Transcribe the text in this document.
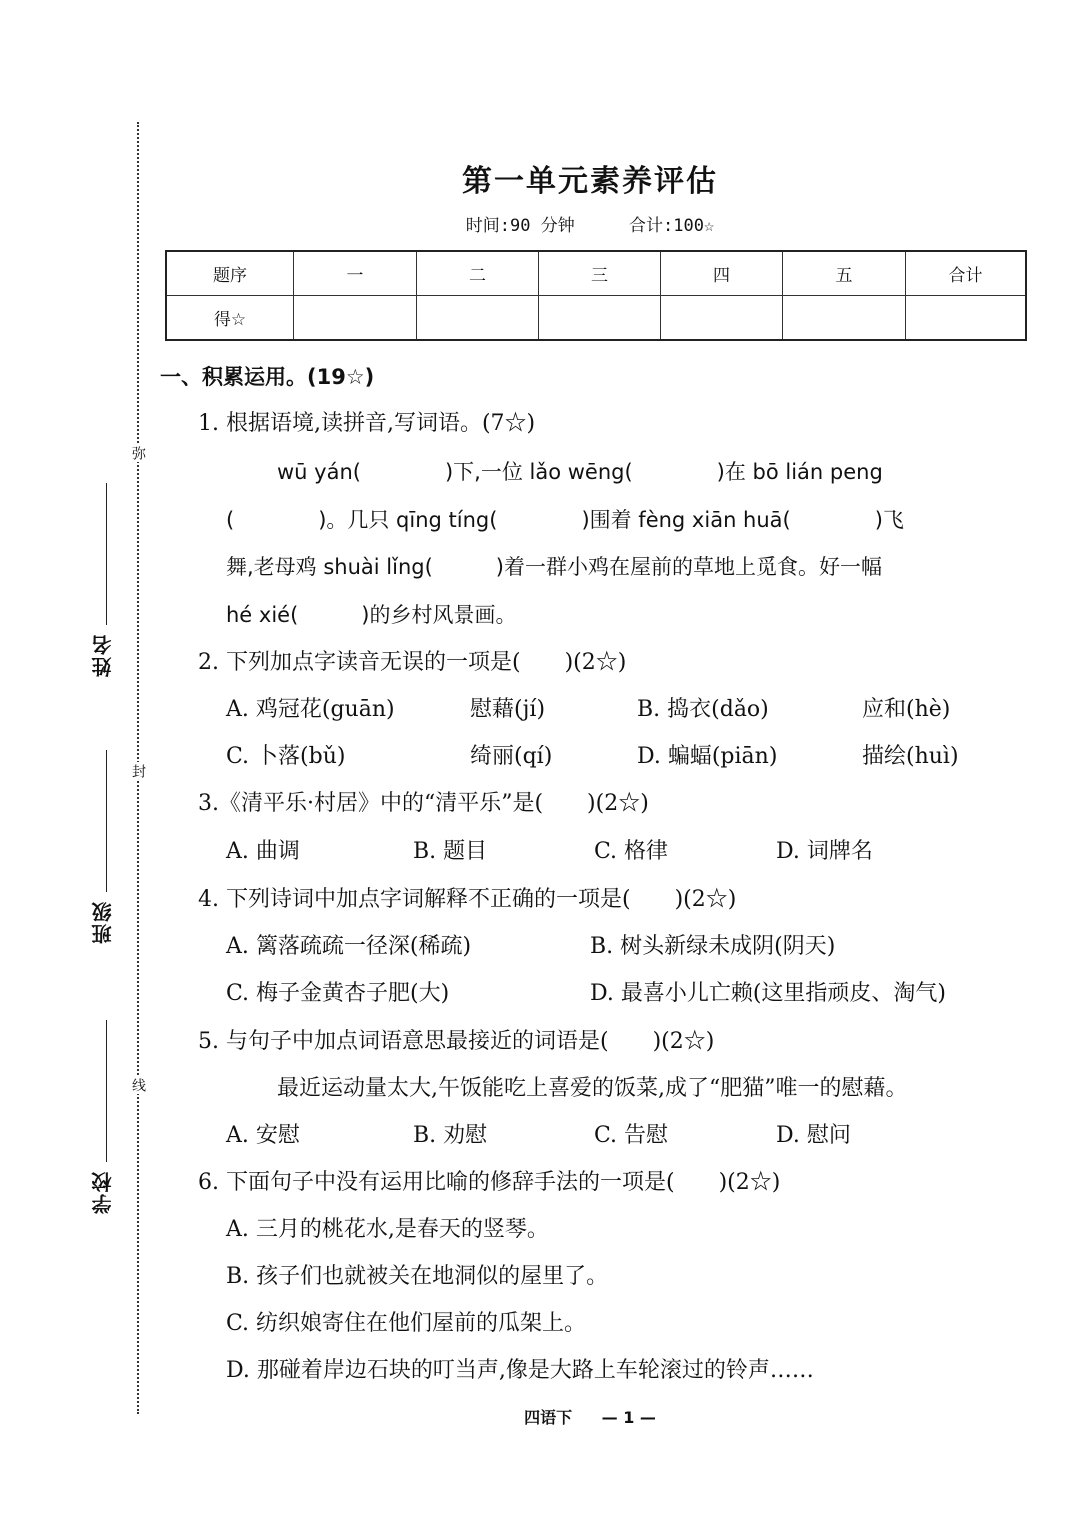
弥
封
线
姓名
班级
学校
第一单元素养评估
时间:90 分钟	合计:100☆
题序	一	二	三	四	五	合计
得☆						
一、积累运用。(19☆)
1. 根据语境,读拼音,写词语。(7☆)
wū yán(　　　　)下,一位 lǎo wēng(　　　　)在 bō lián peng
(　　　　)。几只 qīng tíng(　　　　)围着 fèng xiān huā(　　　　)飞
舞,老母鸡 shuài lǐng(　　　)着一群小鸡在屋前的草地上觅食。好一幅
hé xié(　　　)的乡村风景画。
2. 下列加点字读音无误的一项是(　　)(2☆)
A. 鸡冠花(guān)	慰藉(jí)	B. 捣衣(dǎo)	应和(hè)
C. 卜落(bǔ)	绮丽(qí)	D. 蝙蝠(piān)	描绘(huì)
3.《清平乐·村居》中的“清平乐”是(　　)(2☆)
A. 曲调	B. 题目	C. 格律	D. 词牌名
4. 下列诗词中加点字词解释不正确的一项是(　　)(2☆)
A. 篱落疏疏一径深(稀疏)	B. 树头新绿未成阴(阴天)
C. 梅子金黄杏子肥(大)	D. 最喜小儿亡赖(这里指顽皮、淘气)
5. 与句子中加点词语意思最接近的词语是(　　)(2☆)
最近运动量太大,午饭能吃上喜爱的饭菜,成了“肥猫”唯一的慰藉。
A. 安慰	B. 劝慰	C. 告慰	D. 慰问
6. 下面句子中没有运用比喻的修辞手法的一项是(　　)(2☆)
A. 三月的桃花水,是春天的竖琴。
B. 孩子们也就被关在地洞似的屋里了。
C. 纺织娘寄住在他们屋前的瓜架上。
D. 那碰着岸边石块的叮当声,像是大路上车轮滚过的铃声……
四语下 — 1 —
